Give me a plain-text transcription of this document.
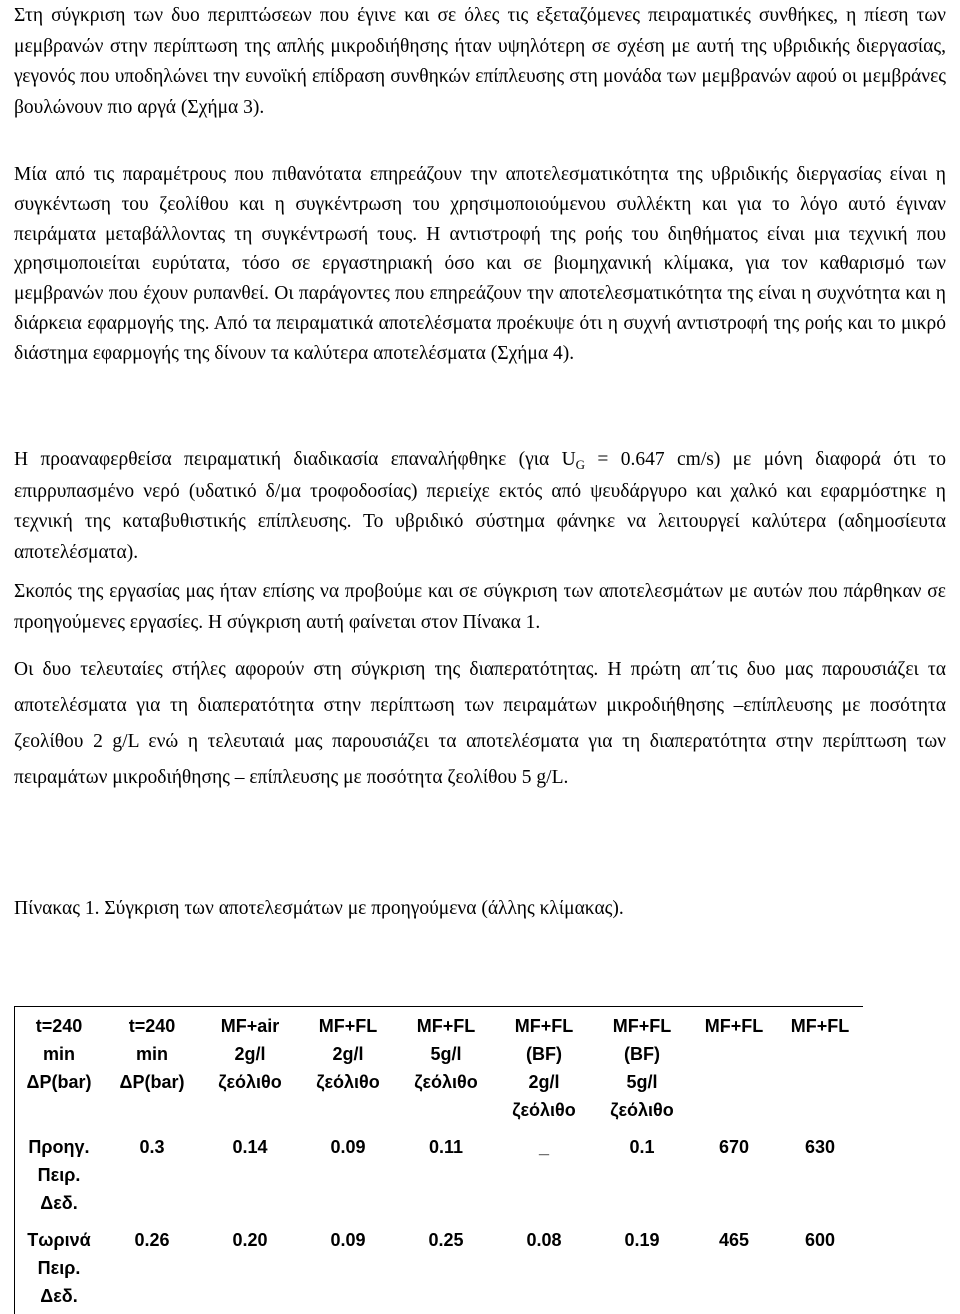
Στη σύγκριση των δυο περιπτώσεων που έγινε και σε όλες τις εξεταζόμενες πειραματικές συνθήκες, η πίεση των μεμβρανών στην περίπτωση της απλής μικροδιήθησης ήταν υψηλότερη σε σχέση με αυτή της υβριδικής διεργασίας, γεγονός που υποδηλώνει την ευνοϊκή επίδραση συνθηκών επίπλευσης στη μονάδα των μεμβρανών αφού οι μεμβράνες βουλώνουν πιο αργά (Σχήμα 3).

Μία από τις παραμέτρους που πιθανότατα επηρεάζουν την αποτελεσματικότητα της υβριδικής διεργασίας είναι η συγκέντωση του ζεολίθου και η συγκέντρωση του χρησιμοποιούμενου συλλέκτη και για το λόγο αυτό έγιναν πειράματα μεταβάλλοντας τη συγκέντρωσή τους. Η αντιστροφή της ροής του διηθήματος είναι μια τεχνική που χρησιμοποιείται ευρύτατα, τόσο σε εργαστηριακή όσο και σε βιομηχανική κλίμακα, για τον καθαρισμό των μεμβρανών που έχουν ρυπανθεί. Οι παράγοντες που επηρεάζουν την αποτελεσματικότητα της είναι η συχνότητα και η διάρκεια εφαρμογής της. Από τα πειραματικά αποτελέσματα προέκυψε ότι η συχνή αντιστροφή της ροής και το μικρό διάστημα εφαρμογής της δίνουν τα καλύτερα αποτελέσματα (Σχήμα 4).

Η προαναφερθείσα πειραματική διαδικασία επαναλήφθηκε (για $U_G = 0.647$ cm/s) με μόνη διαφορά ότι το επιρρυπασμένο νερό (υδατικό δ/μα τροφοδοσίας) περιείχε εκτός από ψευδάργυρο και χαλκό και εφαρμόστηκε η τεχνική της καταβυθιστικής επίπλευσης. Το υβριδικό σύστημα φάνηκε να λειτουργεί καλύτερα (αδημοσίευτα αποτελέσματα).

Σκοπός της εργασίας μας ήταν επίσης να προβούμε και σε σύγκριση των αποτελεσμάτων με αυτών που πάρθηκαν σε προηγούμενες εργασίες. Η σύγκριση αυτή φαίνεται στον Πίνακα 1.

Οι δυο τελευταίες στήλες αφορούν στη σύγκριση της διαπερατότητας. Η πρώτη απ΄τις δυο μας παρουσιάζει τα αποτελέσματα για τη διαπερατότητα στην περίπτωση των πειραμάτων μικροδιήθησης –επίπλευσης με ποσότητα ζεολίθου 2 g/L ενώ η τελευταιά μας παρουσιάζει τα αποτελέσματα για τη διαπερατότητα στην περίπτωση των πειραμάτων μικροδιήθησης – επίπλευσης με ποσότητα ζεολίθου 5 g/L.

Πίνακας 1. Σύγκριση των αποτελεσμάτων με προηγούμενα (άλλης κλίμακας).

t=240
min
ΔP(bar)	t=240
min
ΔP(bar)	MF+air
2g/l
ζεόλιθο	MF+FL
2g/l
ζεόλιθο	MF+FL
5g/l
ζεόλιθο	MF+FL
(BF)
2g/l
ζεόλιθο	MF+FL
(BF)
5g/l
ζεόλιθο	MF+FL	MF+FL

Προηγ.
Πειρ.
Δεδ.	0.3	0.14	0.09	0.11	_	0.1	670	630

Τωρινά
Πειρ.
Δεδ.	0.26	0.20	0.09	0.25	0.08	0.19	465	600
